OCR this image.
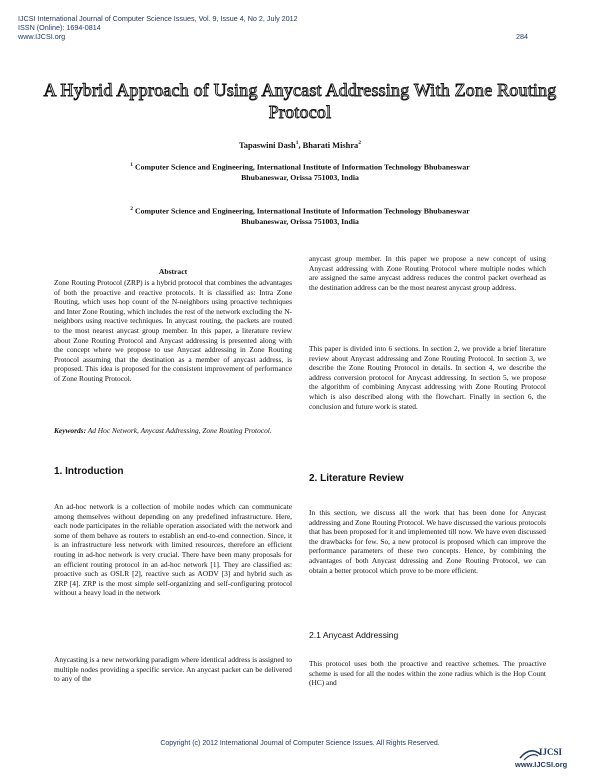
IJCSI International Journal of Computer Science Issues, Vol. 9, Issue 4, No 2, July 2012
ISSN (Online): 1694-0814
www.IJCSI.org	284
A Hybrid Approach of Using Anycast Addressing With Zone Routing Protocol
Tapaswini Dash$^1$, Bharati Mishra$^2$
$^1$ Computer Science and Engineering, International Institute of Information Technology Bhubaneswar
Bhubaneswar, Orissa 751003, India
$^2$ Computer Science and Engineering, International Institute of Information Technology Bhubaneswar
Bhubaneswar, Orissa 751003, India
Abstract
Zone Routing Protocol (ZRP) is a hybrid protocol that combines the advantages of both the proactive and reactive protocols. It is classified as: Intra Zone Routing, which uses hop count of the N-neighbors using proactive techniques and Inter Zone Routing, which includes the rest of the network excluding the N-neighbors using reactive techniques. In anycast routing, the packets are routed to the most nearest anycast group member. In this paper, a literature review about Zone Routing Protocol and Anycast addressing is presented along with the concept where we propose to use Anycast addressing in Zone Routing Protocol assuming that the destination as a member of anycast address, is proposed. This idea is proposed for the consistent improvement of performance of Zone Routing Protocol.
Keywords: Ad Hoc Network, Anycast Addressing, Zone Routing Protocol.
1. Introduction
An ad-hoc network is a collection of mobile nodes which can communicate among themselves without depending on any predefined infrastructure. Here, each node participates in the reliable operation associated with the network and some of them behave as routers to establish an end-to-end connection. Since, it is an infrastructure less network with limited resources, therefore an efficient routing in ad-hoc network is very crucial. There have been many proposals for an efficient routing protocol in an ad-hoc network [1]. They are classified as: proactive such as OSLR [2], reactive such as AODV [3] and hybrid such as ZRP [4]. ZRP is the most simple self-organizing and self-configuring protocol without a heavy load in the network
Anycasting is a new networking paradigm where identical address is assigned to multiple nodes providing a specific service. An anycast packet can be delivered to any of the
anycast group member. In this paper we propose a new concept of using Anycast addressing with Zone Routing Protocol where multiple nodes which are assigned the same anycast address reduces the control packet overhead as the destination address can be the most nearest anycast group address.
This paper is divided into 6 sections. In section 2, we provide a brief literature review about Anycast addressing and Zone Routing Protocol. In section 3, we describe the Zone Routing Protocol in details. In section 4, we describe the address conversion protocol for Anycast addressing. In section 5, we propose the algorithm of combining Anycast addressing with Zone Routing Protocol which is also described along with the flowchart. Finally in section 6, the conclusion and future work is stated.
2. Literature Review
In this section, we discuss all the work that has been done for Anycast addressing and Zone Routing Protocol. We have discussed the various protocols that has been proposed for it and implemented till now. We have even discussed the drawbacks for few. So, a new protocol is proposed which can improve the performance parameters of these two concepts. Hence, by combining the advantages of both Anycast ddressing and Zone Routing Protocol, we can obtain a better protocol which prove to be more efficient.
2.1 Anycast Addressing
This protocol uses both the proactive and reactive schemes. The proactive scheme is used for all the nodes within the zone radius which is the Hop Count (HC) and
Copyright (c) 2012 International Journal of Computer Science Issues. All Rights Reserved.
IJCSI
www.IJCSI.org
